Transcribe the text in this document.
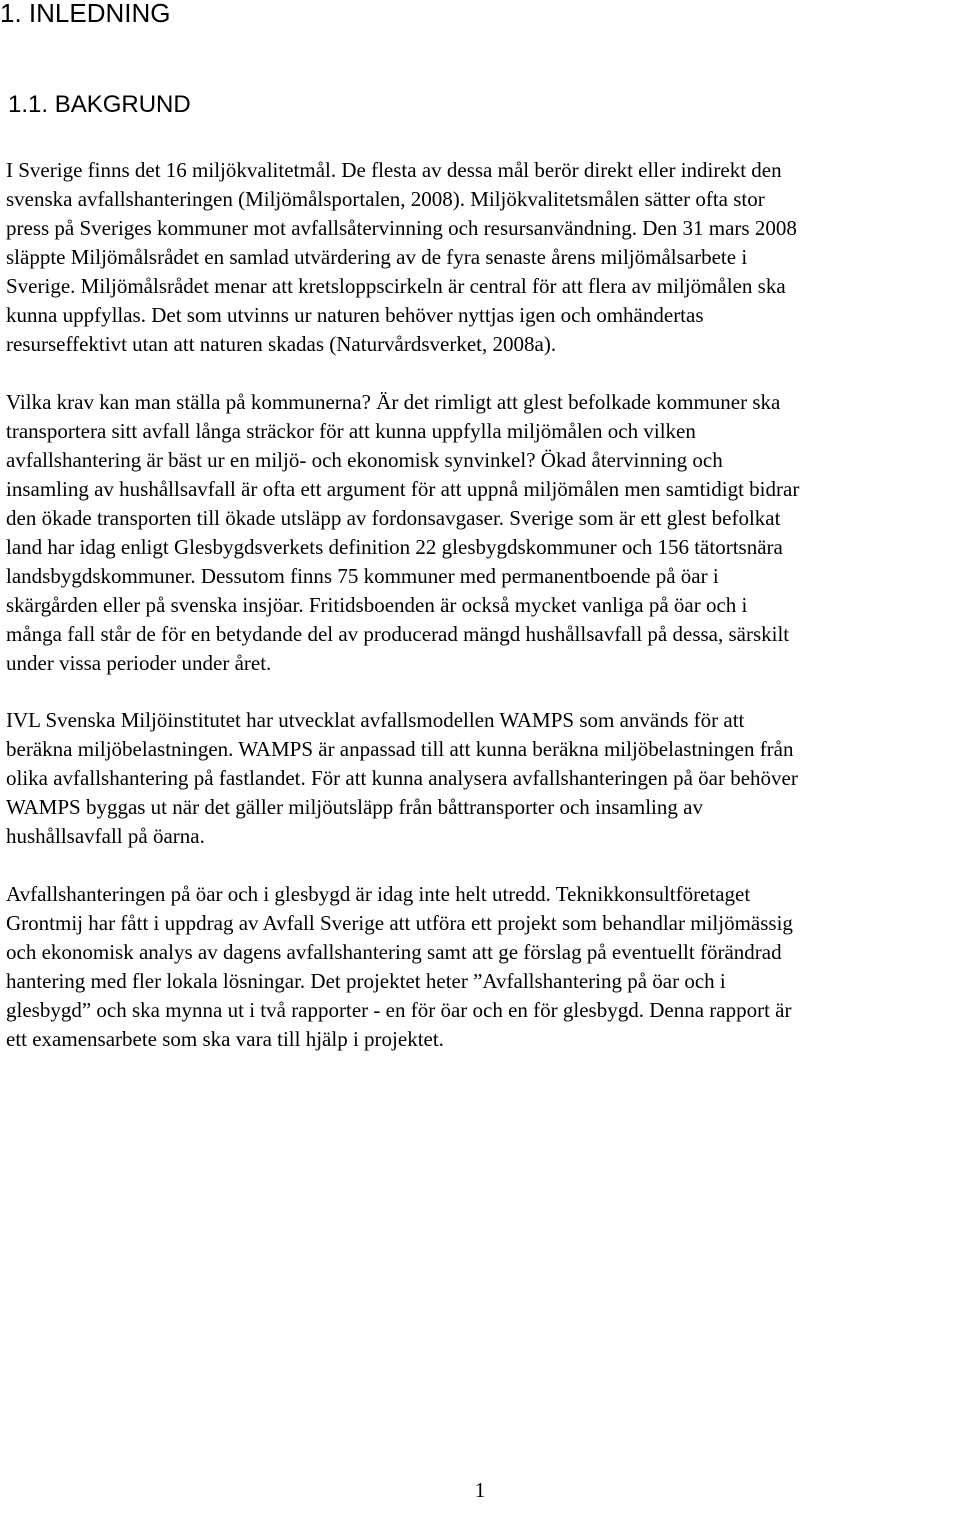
1. INLEDNING
1.1. BAKGRUND

I Sverige finns det 16 miljökvalitetmål. De flesta av dessa mål berör direkt eller indirekt den
svenska avfallshanteringen (Miljömålsportalen, 2008). Miljökvalitetsmålen sätter ofta stor
press på Sveriges kommuner mot avfallsåtervinning och resursanvändning. Den 31 mars 2008
släppte Miljömålsrådet en samlad utvärdering av de fyra senaste årens miljömålsarbete i
Sverige. Miljömålsrådet menar att kretsloppscirkeln är central för att flera av miljömålen ska
kunna uppfyllas. Det som utvinns ur naturen behöver nyttjas igen och omhändertas
resurseffektivt utan att naturen skadas (Naturvårdsverket, 2008a).

Vilka krav kan man ställa på kommunerna? Är det rimligt att glest befolkade kommuner ska
transportera sitt avfall långa sträckor för att kunna uppfylla miljömålen och vilken
avfallshantering är bäst ur en miljö- och ekonomisk synvinkel? Ökad återvinning och
insamling av hushållsavfall är ofta ett argument för att uppnå miljömålen men samtidigt bidrar
den ökade transporten till ökade utsläpp av fordonsavgaser. Sverige som är ett glest befolkat
land har idag enligt Glesbygdsverkets definition 22 glesbygdskommuner och 156 tätortsnära
landsbygdskommuner. Dessutom finns 75 kommuner med permanentboende på öar i
skärgården eller på svenska insjöar. Fritidsboenden är också mycket vanliga på öar och i
många fall står de för en betydande del av producerad mängd hushållsavfall på dessa, särskilt
under vissa perioder under året.

IVL Svenska Miljöinstitutet har utvecklat avfallsmodellen WAMPS som används för att
beräkna miljöbelastningen. WAMPS är anpassad till att kunna beräkna miljöbelastningen från
olika avfallshantering på fastlandet. För att kunna analysera avfallshanteringen på öar behöver
WAMPS byggas ut när det gäller miljöutsläpp från båttransporter och insamling av
hushållsavfall på öarna.

Avfallshanteringen på öar och i glesbygd är idag inte helt utredd. Teknikkonsultföretaget
Grontmij har fått i uppdrag av Avfall Sverige att utföra ett projekt som behandlar miljömässig
och ekonomisk analys av dagens avfallshantering samt att ge förslag på eventuellt förändrad
hantering med fler lokala lösningar. Det projektet heter ”Avfallshantering på öar och i
glesbygd” och ska mynna ut i två rapporter - en för öar och en för glesbygd. Denna rapport är
ett examensarbete som ska vara till hjälp i projektet.

1
